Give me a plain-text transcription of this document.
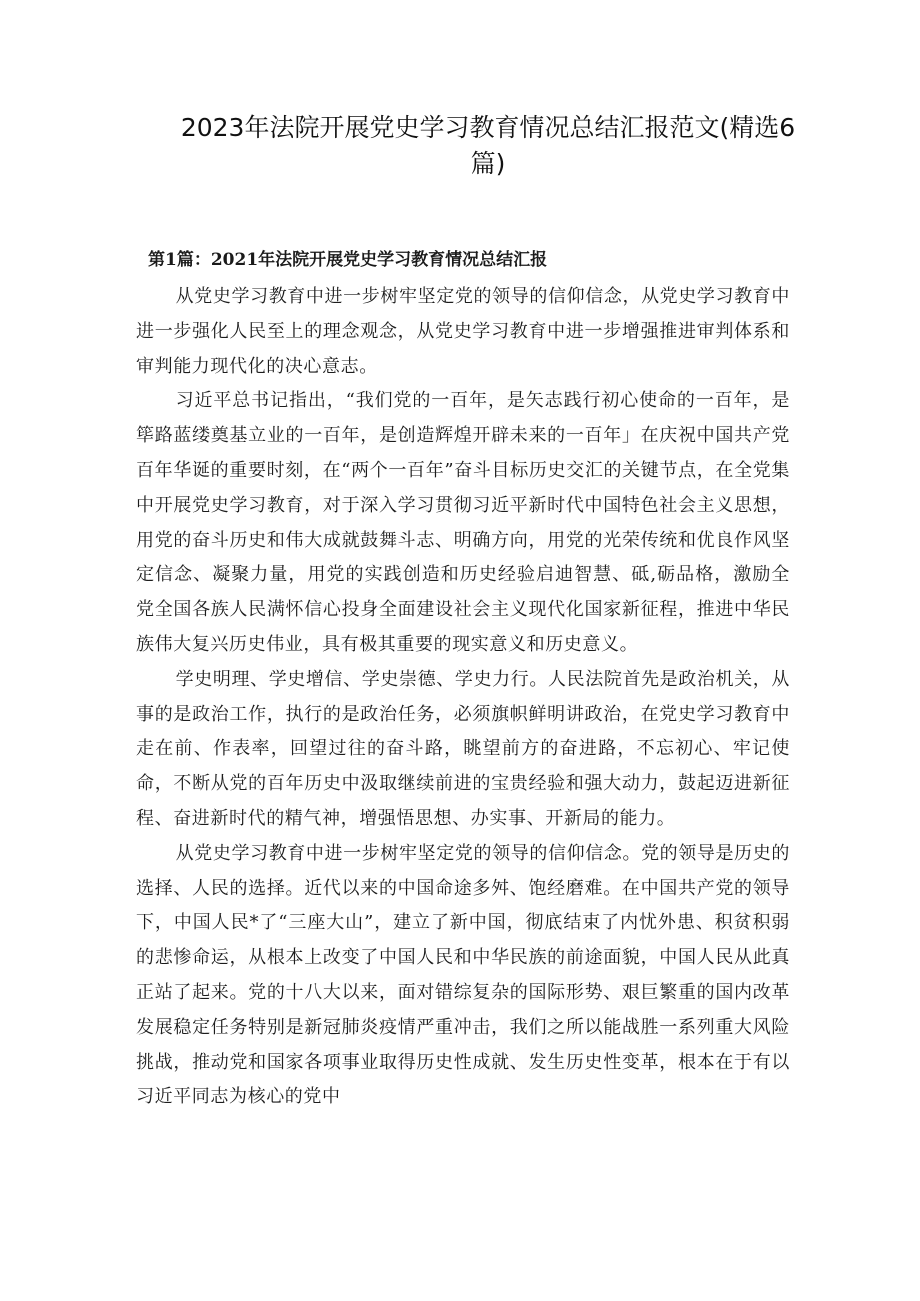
2023年法院开展党史学习教育情况总结汇报范文(精选6篇)
第1篇：2021年法院开展党史学习教育情况总结汇报

从党史学习教育中进一步树牢坚定党的领导的信仰信念，从党史学习教育中进一步强化人民至上的理念观念，从党史学习教育中进一步增强推进审判体系和审判能力现代化的决心意志。

习近平总书记指出，“我们党的一百年，是矢志践行初心使命的一百年，是筚路蓝缕奠基立业的一百年，是创造辉煌开辟未来的一百年」在庆祝中国共产党百年华诞的重要时刻，在“两个一百年”奋斗目标历史交汇的关键节点，在全党集中开展党史学习教育，对于深入学习贯彻习近平新时代中国特色社会主义思想，用党的奋斗历史和伟大成就鼓舞斗志、明确方向，用党的光荣传统和优良作风坚定信念、凝聚力量，用党的实践创造和历史经验启迪智慧、砥,砺品格，激励全党全国各族人民满怀信心投身全面建设社会主义现代化国家新征程，推进中华民族伟大复兴历史伟业，具有极其重要的现实意义和历史意义。

学史明理、学史增信、学史崇德、学史力行。人民法院首先是政治机关，从事的是政治工作，执行的是政治任务，必须旗帜鲜明讲政治，在党史学习教育中走在前、作表率，回望过往的奋斗路，眺望前方的奋进路，不忘初心、牢记使命，不断从党的百年历史中汲取继续前进的宝贵经验和强大动力，鼓起迈进新征程、奋进新时代的精气神，增强悟思想、办实事、开新局的能力。

从党史学习教育中进一步树牢坚定党的领导的信仰信念。党的领导是历史的选择、人民的选择。近代以来的中国命途多舛、饱经磨难。在中国共产党的领导下，中国人民*了“三座大山”，建立了新中国，彻底结束了内忧外患、积贫积弱的悲惨命运，从根本上改变了中国人民和中华民族的前途面貌，中国人民从此真正站了起来。党的十八大以来，面对错综复杂的国际形势、艰巨繁重的国内改革发展稳定任务特别是新冠肺炎疫情严重冲击，我们之所以能战胜一系列重大风险挑战，推动党和国家各项事业取得历史性成就、发生历史性变革，根本在于有以习近平同志为核心的党中
